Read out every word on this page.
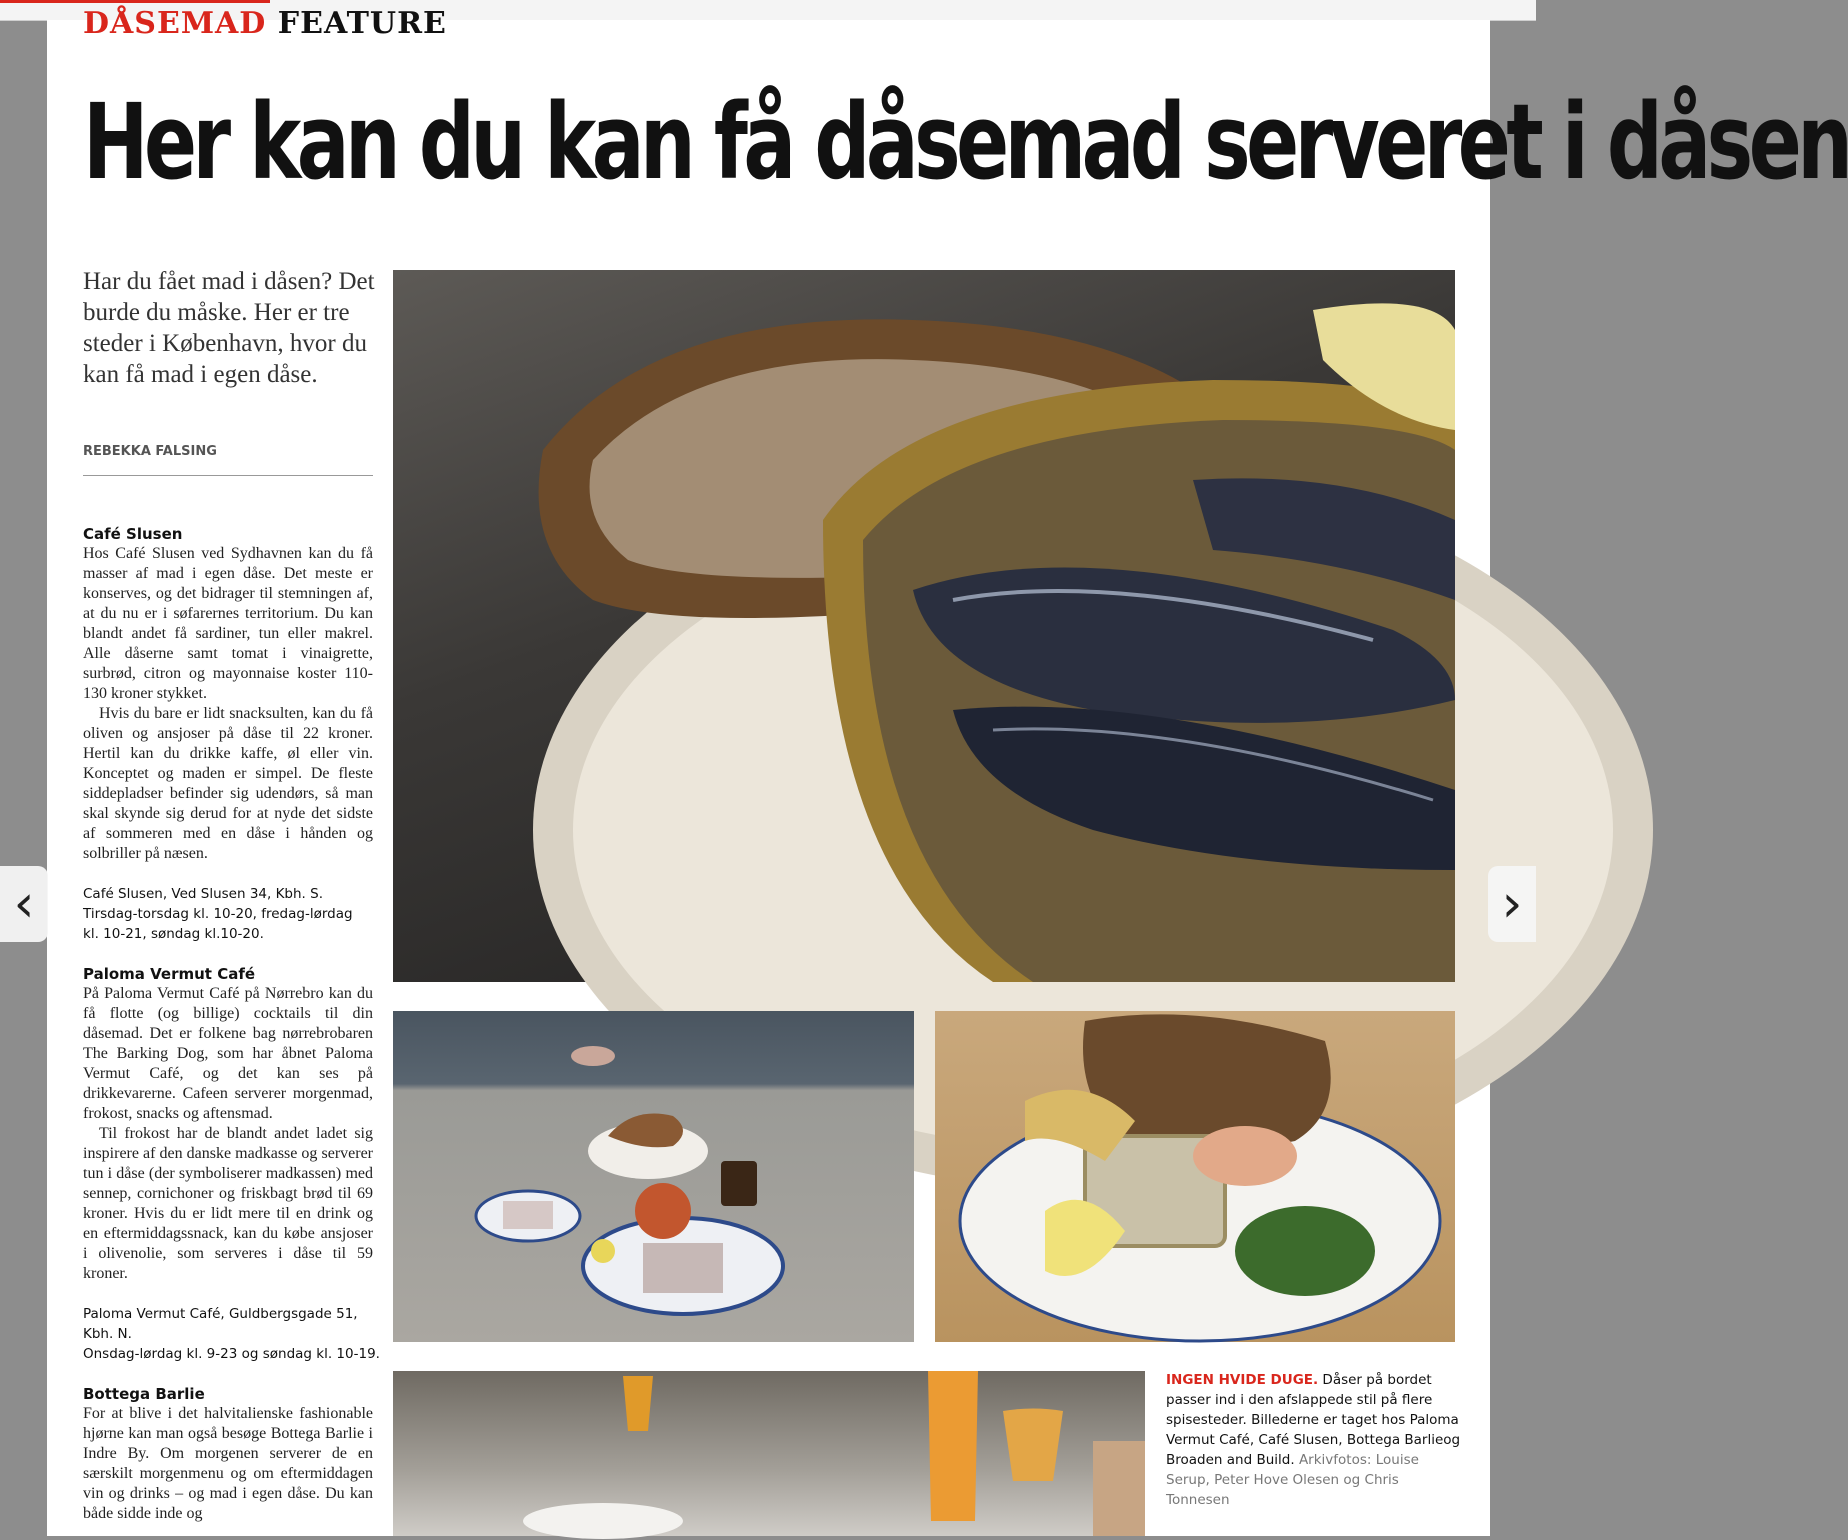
DÅSEMAD FEATURE
Her kan du kan få dåsemad serveret i dåsen
Har du fået mad i dåsen? Det burde du måske. Her er tre steder i København, hvor du kan få mad i egen dåse.
REBEKKA FALSING
Café Slusen

Hos Café Slusen ved Sydhavnen kan du få masser af mad i egen dåse. Det meste er konserves, og det bidrager til stemningen af, at du nu er i søfarernes territorium. Du kan blandt andet få sardiner, tun eller makrel. Alle dåserne samt tomat i vinaigrette, surbrød, citron og mayonnaise koster 110-130 kroner stykket.

Hvis du bare er lidt snacksulten, kan du få oliven og ansjoser på dåse til 22 kroner. Hertil kan du drikke kaffe, øl eller vin. Konceptet og maden er simpel. De fleste siddepladser befinder sig udendørs, så man skal skynde sig derud for at nyde det sidste af sommeren med en dåse i hånden og solbriller på næsen.

Café Slusen, Ved Slusen 34, Kbh. S.
Tirsdag-torsdag kl. 10-20, fredag-lørdag
kl. 10-21, søndag kl.10-20.
Paloma Vermut Café

På Paloma Vermut Café på Nørrebro kan du få flotte (og billige) cocktails til din dåsemad. Det er folkene bag nørrebrobaren The Barking Dog, som har åbnet Paloma Vermut Café, og det kan ses på drikkevarerne. Cafeen serverer morgenmad, frokost, snacks og aftensmad.

Til frokost har de blandt andet ladet sig inspirere af den danske madkasse og serverer tun i dåse (der symboliserer madkassen) med sennep, cornichoner og friskbagt brød til 69 kroner. Hvis du er lidt mere til en drink og en eftermiddagssnack, kan du købe ansjoser i olivenolie, som serveres i dåse til 59 kroner.

Paloma Vermut Café, Guldbergsgade 51,
Kbh. N.
Onsdag-lørdag kl. 9-23 og søndag kl. 10-19.
Bottega Barlie

For at blive i det halvitalienske fashionable hjørne kan man også besøge Bottega Barlie i Indre By. Om morgenen serverer de en særskilt morgenmenu og om eftermiddagen vin og drinks – og mad i egen dåse. Du kan både sidde inde og

INGEN HVIDE DUGE. Dåser på bordet passer ind i den afslappede stil på flere spisesteder. Billederne er taget hos Paloma Vermut Café, Café Slusen, Bottega Barlieog Broaden and Build. Arkivfotos: Louise Serup, Peter Hove Olesen og Chris Tonnesen
‹	›
